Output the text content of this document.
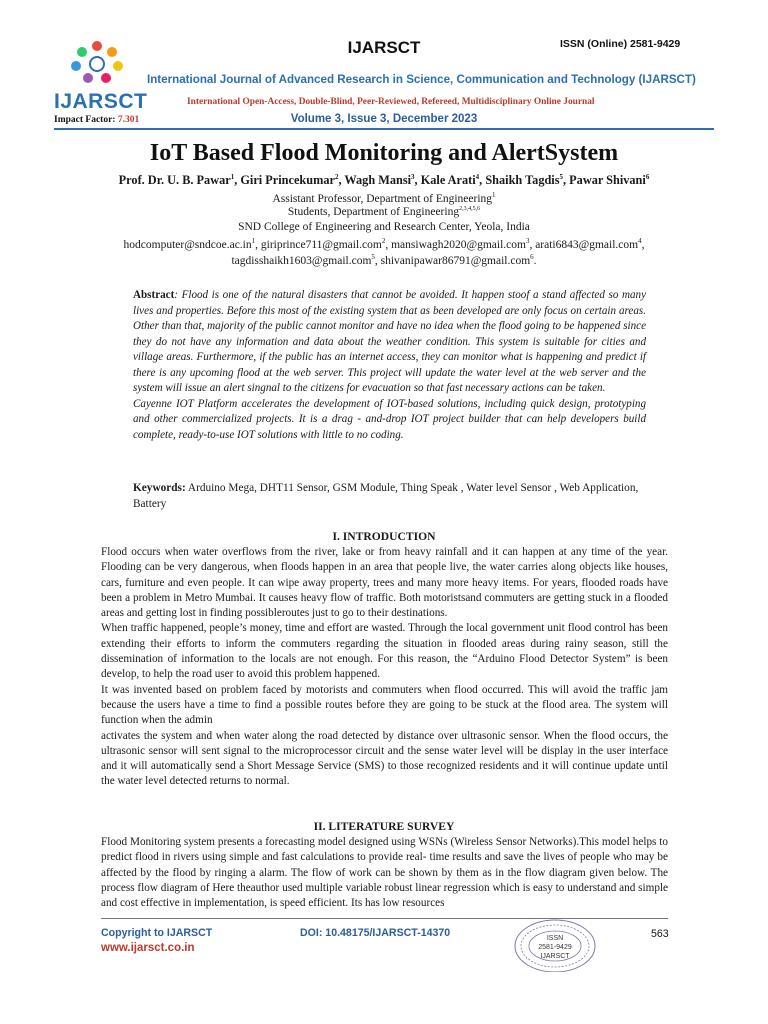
IJARSCT
IJARSCT	ISSN (Online) 2581-9429
International Journal of Advanced Research in Science, Communication and Technology (IJARSCT)
International Open-Access, Double-Blind, Peer-Reviewed, Refereed, Multidisciplinary Online Journal
Impact Factor: 7.301	Volume 3, Issue 3, December 2023
IoT Based Flood Monitoring and AlertSystem
Prof. Dr. U. B. Pawar$^1$, Giri Princekumar$^2$, Wagh Mansi$^3$, Kale Arati$^4$, Shaikh Tagdis$^5$, Pawar Shivani$^6$
Assistant Professor, Department of Engineering$^1$
Students, Department of Engineering$^{2,3,4,5,6}$
SND College of Engineering and Research Center, Yeola, India
$hodcomputer@sndcoe.ac.in^1$, giriprince711@gmail.com$^2$, mansiwagh2020@gmail.com$^3$, arati6843@gmail.com$^4$,
tagdisshaikh1603@gmail.com$^5$, shivanipawar86791@gmail.com$^6$.

Abstract: Flood is one of the natural disasters that cannot be avoided. It happen stoof a stand affected so many lives and properties. Before this most of the existing system that as been developed are only focus on certain areas. Other than that, majority of the public cannot monitor and have no idea when the flood going to be happened since they do not have any information and data about the weather condition. This system is suitable for cities and village areas. Furthermore, if the public has an internet access, they can monitor what is happening and predict if there is any upcoming flood at the web server. This project will update the water level at the web server and the system will issue an alert singnal to the citizens for evacuation so that fast necessary actions can be taken.

Cayenne IOT Platform accelerates the development of IOT-based solutions, including quick design, prototyping and other commercialized projects. It is a drag - and-drop IOT project builder that can help developers build complete, ready-to-use IOT solutions with little to no coding.

Keywords: Arduino Mega, DHT11 Sensor, GSM Module, Thing Speak , Water level Sensor , Web Application, Battery
I. INTRODUCTION

Flood occurs when water overflows from the river, lake or from heavy rainfall and it can happen at any time of the year. Flooding can be very dangerous, when floods happen in an area that people live, the water carries along objects like houses, cars, furniture and even people. It can wipe away property, trees and many more heavy items. For years, flooded roads have been a problem in Metro Mumbai. It causes heavy flow of traffic. Both motoristsand commuters are getting stuck in a flooded areas and getting lost in finding possibleroutes just to go to their destinations.

When traffic happened, people’s money, time and effort are wasted. Through the local government unit flood control has been extending their efforts to inform the commuters regarding the situation in flooded areas during rainy season, still the dissemination of information to the locals are not enough. For this reason, the “Arduino Flood Detector System” is been develop, to help the road user to avoid this problem happened.

It was invented based on problem faced by motorists and commuters when flood occurred. This will avoid the traffic jam because the users have a time to find a possible routes before they are going to be stuck at the flood area. The system will function when the admin

activates the system and when water along the road detected by distance over ultrasonic sensor. When the flood occurs, the ultrasonic sensor will sent signal to the microprocessor circuit and the sense water level will be display in the user interface and it will automatically send a Short Message Service (SMS) to those recognized residents and it will continue update until the water level detected returns to normal.

II. LITERATURE SURVEY

Flood Monitoring system presents a forecasting model designed using WSNs (Wireless Sensor Networks).This model helps to predict flood in rivers using simple and fast calculations to provide real- time results and save the lives of people who may be affected by the flood by ringing a alarm. The flow of work can be shown by them as in the flow diagram given below. The process flow diagram of Here theauthor used multiple variable robust linear regression which is easy to understand and simple and cost effective in implementation, is speed efficient. Its has low resources

Copyright to IJARSCT
www.ijarsct.co.in
DOI: 10.48175/IJARSCT-14370	ISSN
2581-9429
IJARSCT
563
